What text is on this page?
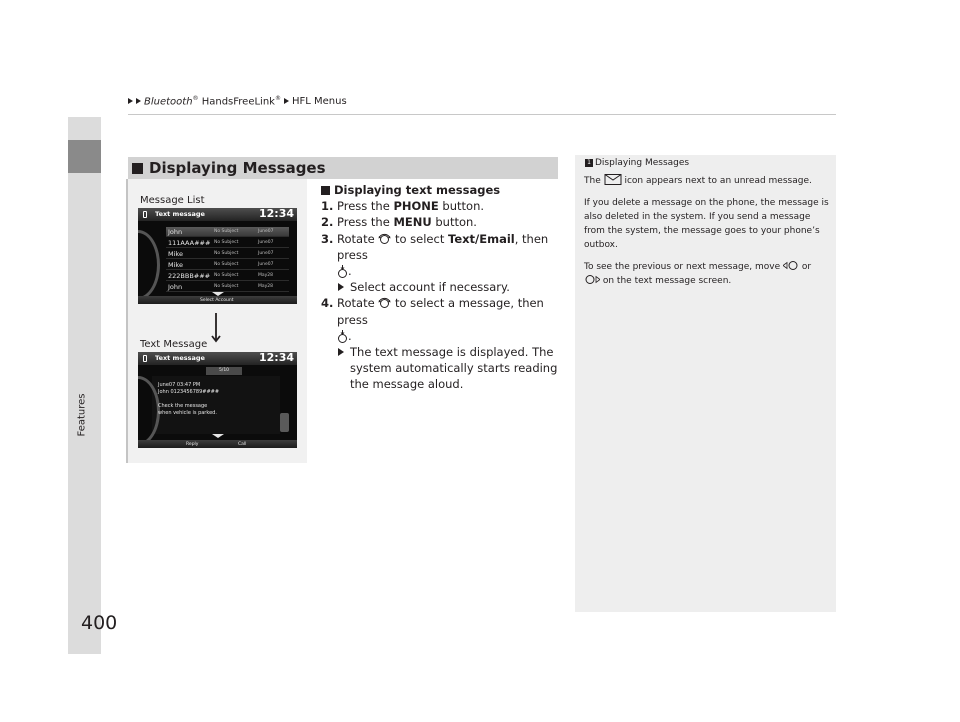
Bluetooth® HandsFreeLink® HFL Menus
Features
400
Displaying Messages
Message List
Text message	12:34
John	No Subject	June07
111AAA### No Subject	June07
Mike	No Subject	June07
Mike	No Subject	June07
222BBB### No Subject	May28
John	No Subject	May28
Select Account
Text Message
Text message	12:34
5/10
June07 03:47 PM
John 0123456789####
Check the message
when vehicle is parked.
Reply	Call
Displaying text messages
1. Press the PHONE button.
2. Press the MENU button.
3. Rotate  to select Text/Email, then press
.
Select account if necessary.
4. Rotate  to select a message, then press
.
The text message is displayed. The system automatically starts reading the message aloud.
1 Displaying Messages

The  icon appears next to an unread message.

If you delete a message on the phone, the message is also deleted in the system. If you send a message from the system, the message goes to your phone’s outbox.

To see the previous or next message, move  or  on the text message screen.
